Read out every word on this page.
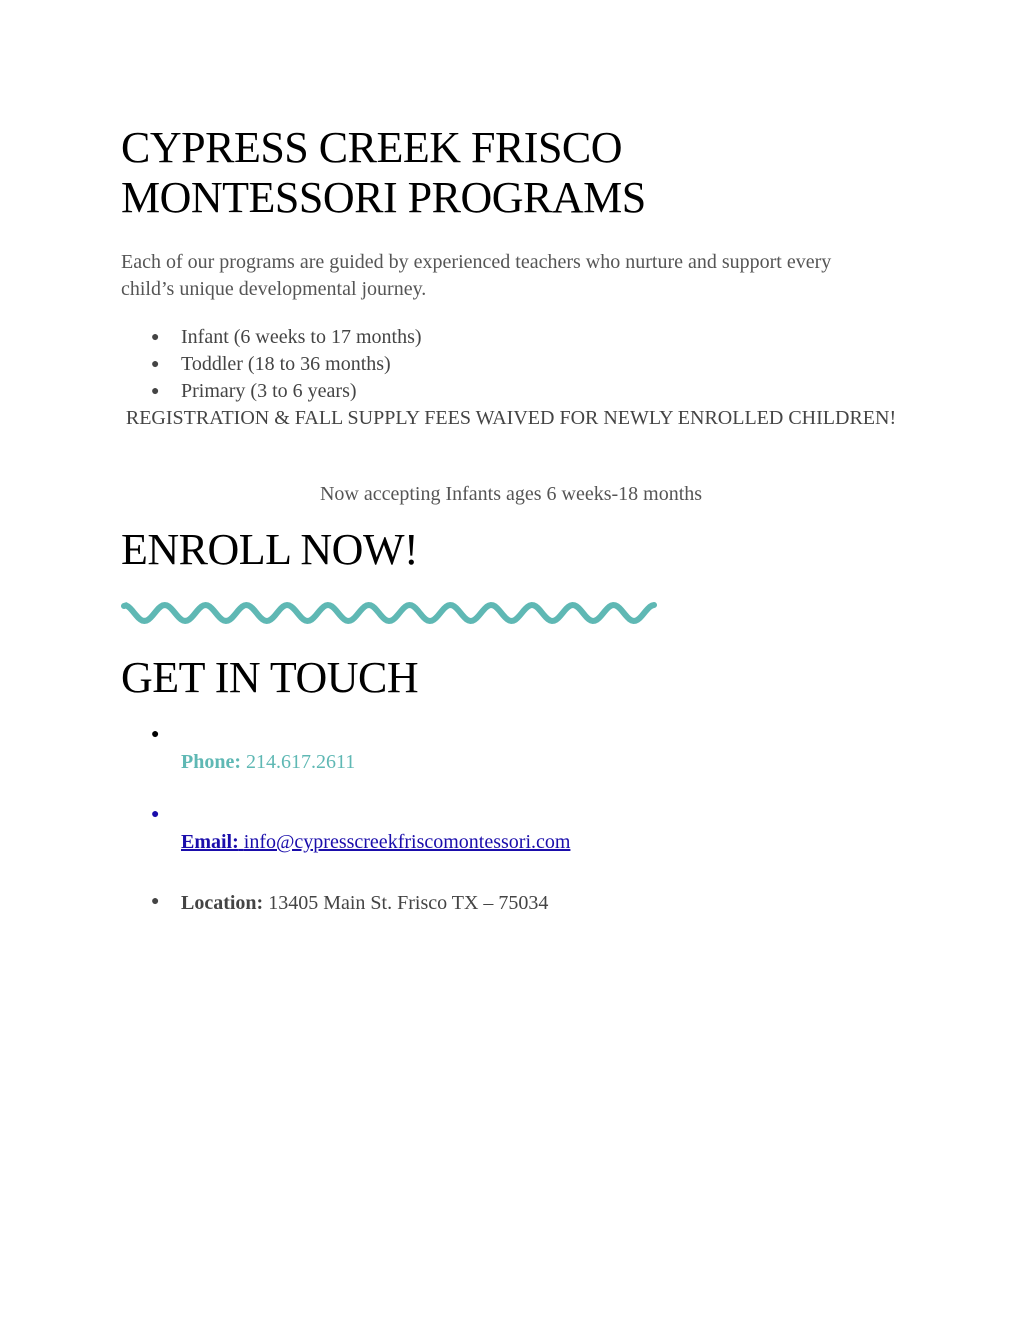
CYPRESS CREEK FRISCO
MONTESSORI PROGRAMS

Each of our programs are guided by experienced teachers who nurture and support every child’s unique developmental journey.

● Infant (6 weeks to 17 months)
● Toddler (18 to 36 months)
● Primary (3 to 6 years)

REGISTRATION & FALL SUPPLY FEES WAIVED FOR NEWLY ENROLLED CHILDREN!

Now accepting Infants ages 6 weeks-18 months

ENROLL NOW!
GET IN TOUCH
●
Phone: 214.617.2611
●
Email: info@cypresscreekfriscomontessori.com
● Location: 13405 Main St. Frisco TX – 75034
